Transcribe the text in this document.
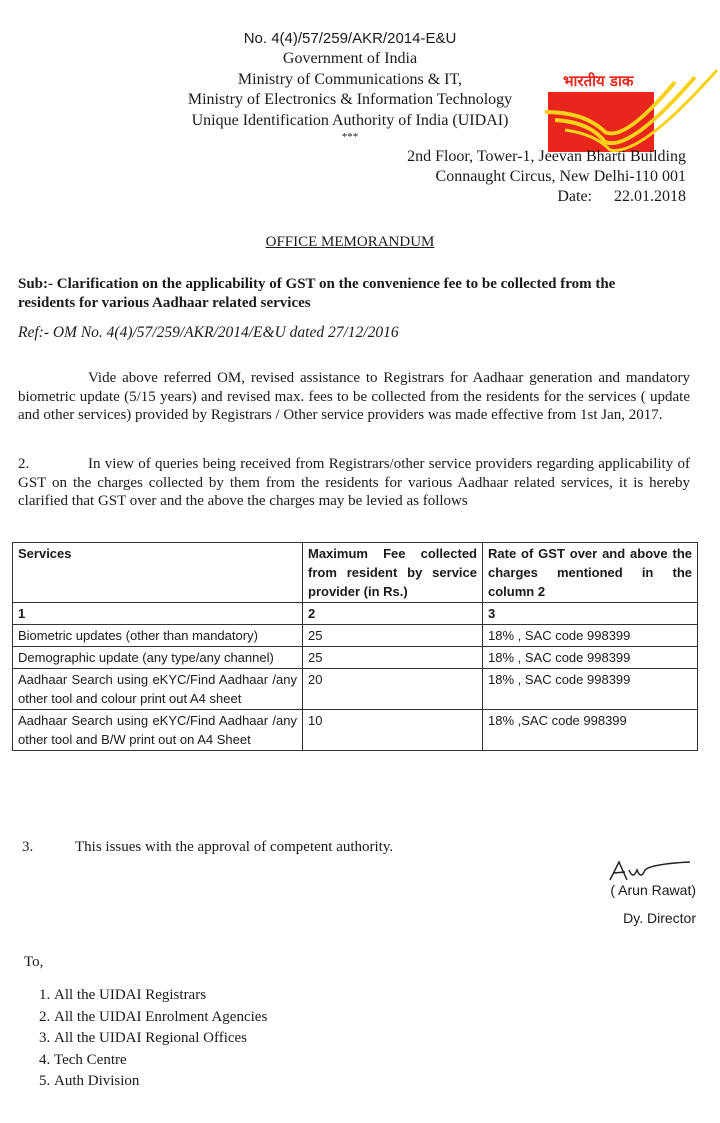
No. 4(4)/57/259/AKR/2014-E&U
Government of India
Ministry of Communications & IT,
Ministry of Electronics & Information Technology
Unique Identification Authority of India (UIDAI)
***
भारतीय डाक
2nd Floor, Tower-1, Jeevan Bharti Building
Connaught Circus, New Delhi-110 001
Date: 22.01.2018
OFFICE MEMORANDUM
Sub:- Clarification on the applicability of GST on the convenience fee to be collected from the residents for various Aadhaar related services
Ref:- OM No. 4(4)/57/259/AKR/2014/E&U dated 27/12/2016
Vide above referred OM, revised assistance to Registrars for Aadhaar generation and mandatory biometric update (5/15 years) and revised max. fees to be collected from the residents for the services ( update and other services) provided by Registrars / Other service providers was made effective from 1st Jan, 2017.
2.	In view of queries being received from Registrars/other service providers regarding applicability of GST on the charges collected by them from the residents for various Aadhaar related services, it is hereby clarified that GST over and the above the charges may be levied as follows
Services	Maximum Fee collected from resident by service provider (in Rs.)	Rate of GST over and above the charges mentioned in the column 2
1	2	3
Biometric updates (other than mandatory)	25	18% , SAC code 998399
Demographic update (any type/any channel)	25	18% , SAC code 998399
Aadhaar Search using eKYC/Find Aadhaar /any other tool and colour print out A4 sheet	20	18% , SAC code 998399
Aadhaar Search using eKYC/Find Aadhaar /any other tool and B/W print out on A4 Sheet	10	18% ,SAC code 998399
3.	This issues with the approval of competent authority.
( Arun Rawat)
Dy. Director
To,
1. All the UIDAI Registrars
2. All the UIDAI Enrolment Agencies
3. All the UIDAI Regional Offices
4. Tech Centre
5. Auth Division
